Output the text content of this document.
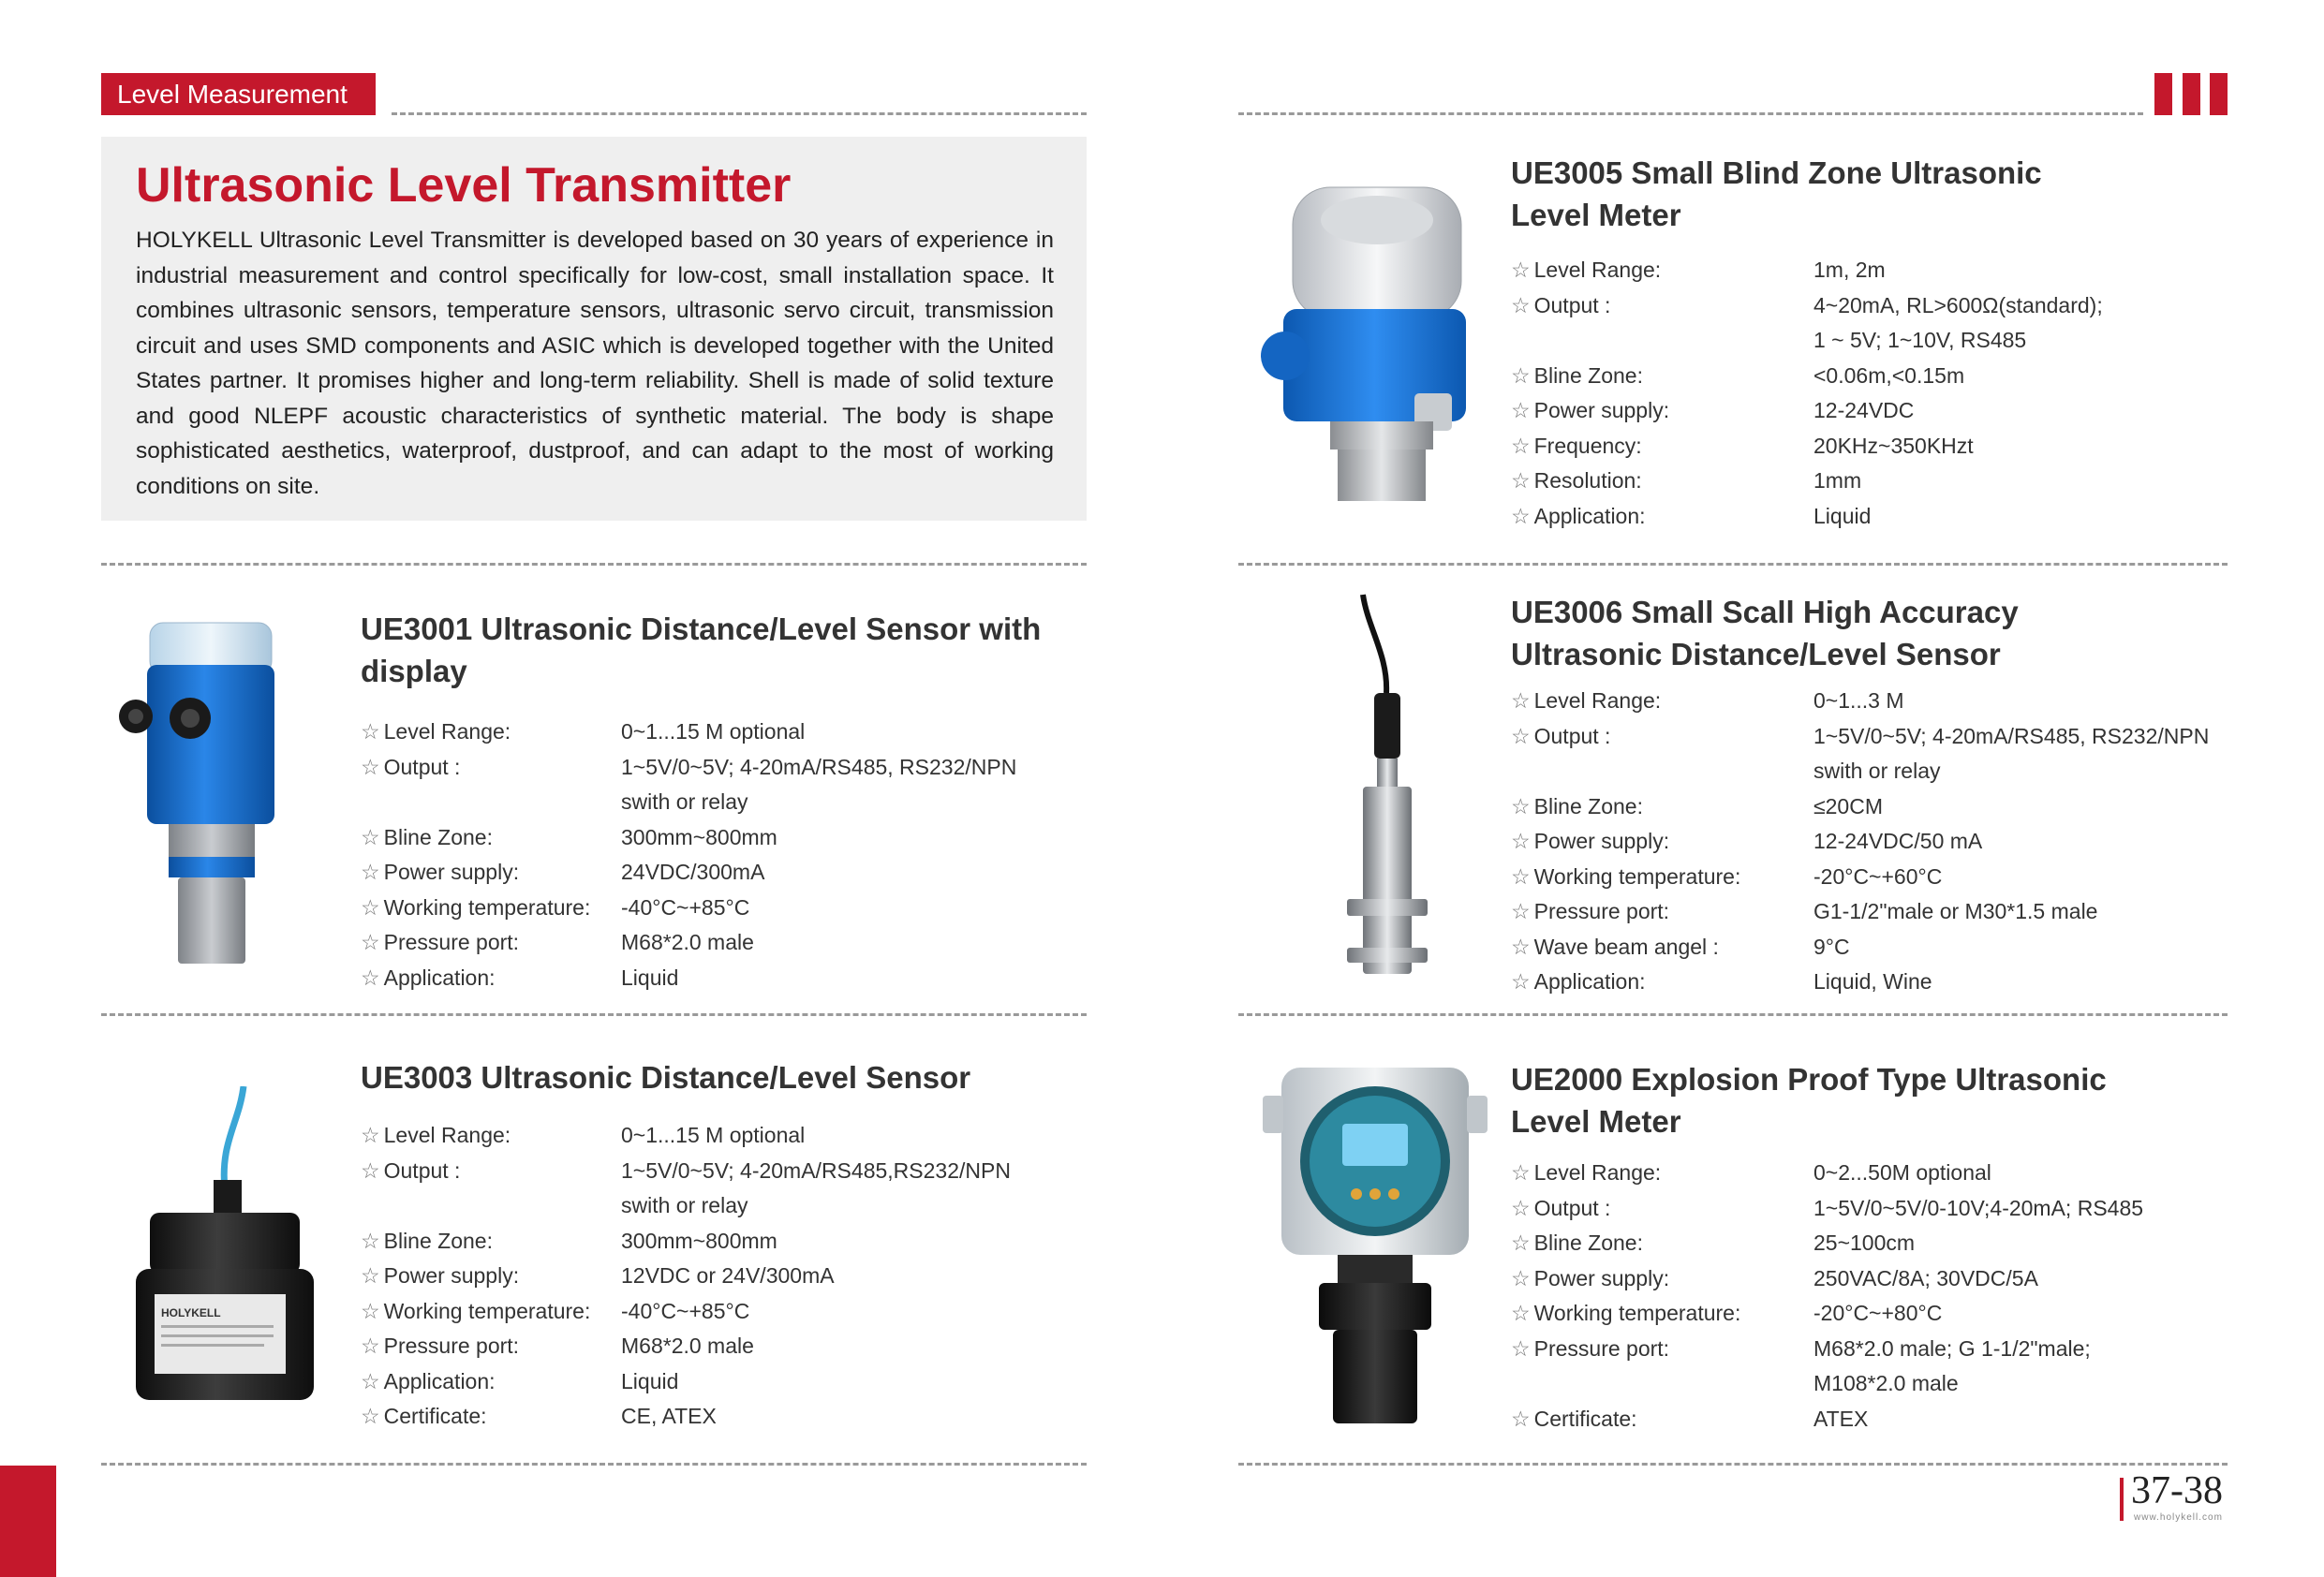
Level Measurement
Ultrasonic Level Transmitter

HOLYKELL Ultrasonic Level Transmitter is developed based on 30 years of experience in industrial measurement and control specifically for low-cost, small installation space. It combines ultrasonic sensors, temperature sensors, ultrasonic servo circuit, transmission circuit and uses SMD components and ASIC which is developed together with the United States partner. It promises higher and long-term reliability. Shell is made of solid texture and good NLEPF acoustic characteristics of synthetic material. The body is shape sophisticated aesthetics, waterproof, dustproof, and can adapt to the most of working conditions on site.

UE3001 Ultrasonic Distance/Level Sensor with
display
☆ Level Range:	0~1...15 M optional
☆ Output :	1~5V/0~5V; 4-20mA/RS485, RS232/NPN
swith or relay
☆ Bline Zone:	300mm~800mm
☆ Power supply:	24VDC/300mA
☆ Working temperature:	-40°C~+85°C
☆ Pressure port:	M68*2.0 male
☆ Application:	Liquid
HOLYKELL
UE3003 Ultrasonic Distance/Level Sensor
☆ Level Range:	0~1...15 M optional
☆ Output :	1~5V/0~5V; 4-20mA/RS485,RS232/NPN
swith or relay
☆ Bline Zone:	300mm~800mm
☆ Power supply:	12VDC or 24V/300mA
☆ Working temperature:	-40°C~+85°C
☆ Pressure port:	M68*2.0 male
☆ Application:	Liquid
☆ Certificate:	CE, ATEX
UE3005 Small Blind Zone Ultrasonic
Level Meter
☆ Level Range:	1m, 2m
☆ Output :	4~20mA, RL>600Ω(standard);
1 ~ 5V; 1~10V, RS485
☆ Bline Zone:	<0.06m,<0.15m
☆ Power supply:	12-24VDC
☆ Frequency:	20KHz~350KHzt
☆ Resolution:	1mm
☆ Application:	Liquid
UE3006 Small Scall High Accuracy
Ultrasonic Distance/Level Sensor
☆ Level Range:	0~1...3 M
☆ Output :	1~5V/0~5V; 4-20mA/RS485, RS232/NPN
swith or relay
☆ Bline Zone:	≤20CM
☆ Power supply:	12-24VDC/50 mA
☆ Working temperature:	-20°C~+60°C
☆ Pressure port:	G1-1/2"male or M30*1.5 male
☆ Wave beam angel :	9°C
☆ Application:	Liquid, Wine
UE2000 Explosion Proof Type Ultrasonic
Level Meter
☆ Level Range:	0~2...50M optional
☆ Output :	1~5V/0~5V/0-10V;4-20mA; RS485
☆ Bline Zone:	25~100cm
☆ Power supply:	250VAC/8A; 30VDC/5A
☆ Working temperature:	-20°C~+80°C
☆ Pressure port:	M68*2.0 male; G 1-1/2"male;
M108*2.0 male
☆ Certificate:	ATEX
37-38
www.holykell.com
